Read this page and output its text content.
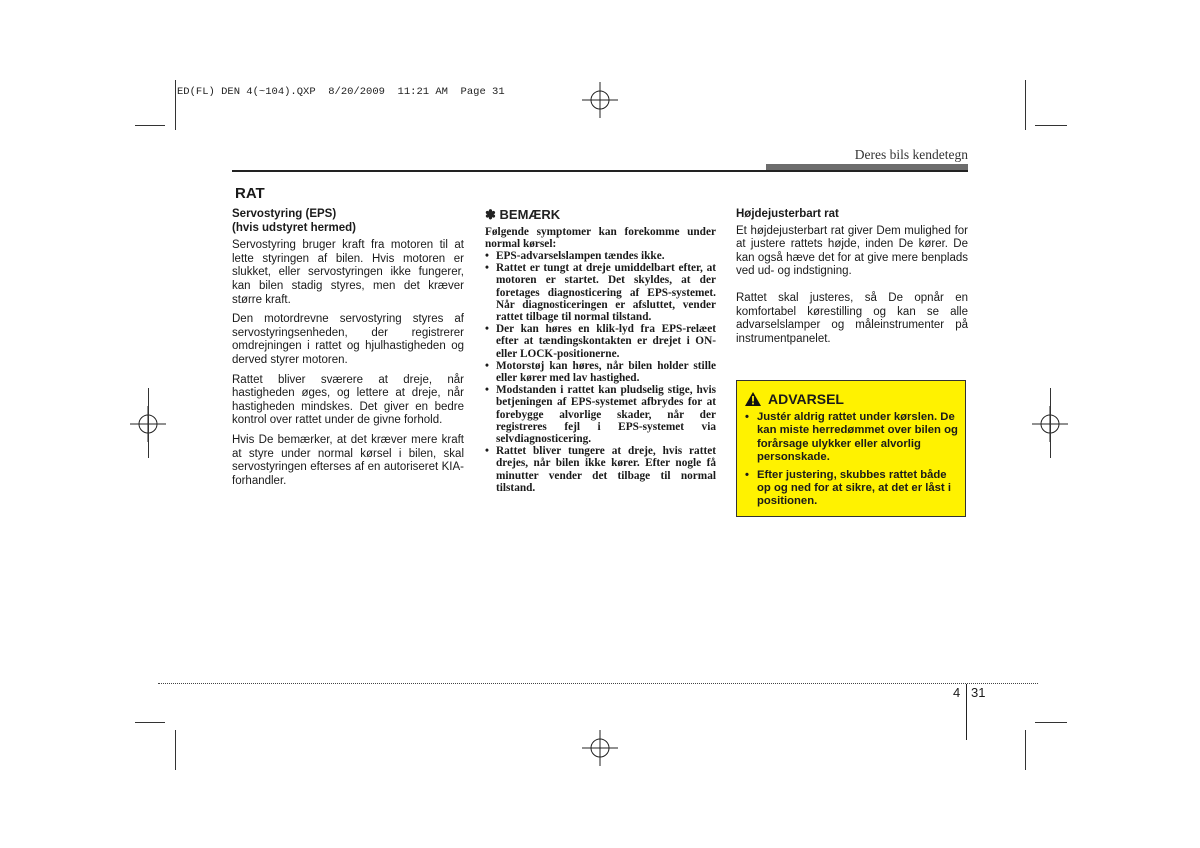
ED(FL) DEN 4(~104).QXP  8/20/2009  11:21 AM  Page 31
Deres bils kendetegn
RAT
Servostyring (EPS)
(hvis udstyret hermed)

Servostyring bruger kraft fra motoren til at lette styringen af bilen. Hvis motoren er slukket, eller servostyringen ikke fungerer, kan bilen stadig styres, men det kræver større kraft.

Den motordrevne servostyring styres af servostyringsenheden, der registrerer omdrejningen i rattet og hjulhastigheden og derved styrer motoren.

Rattet bliver sværere at dreje, når hastigheden øges, og lettere at dreje, når hastigheden mindskes. Det giver en bedre kontrol over rattet under de givne forhold.

Hvis De bemærker, at det kræver mere kraft at styre under normal kørsel i bilen, skal servostyringen efterses af en autoriseret KIA-forhandler.

✽ BEMÆRK

Følgende symptomer kan forekomme under normal kørsel:

• EPS-advarselslampen tændes ikke.
• Rattet er tungt at dreje umiddelbart efter, at motoren er startet. Det skyldes, at der foretages diagnosticering af EPS-systemet. Når diagnosticeringen er afsluttet, vender rattet tilbage til normal tilstand.
• Der kan høres en klik-lyd fra EPS-relæet efter at tændingskontakten er drejet i ON- eller LOCK-positionerne.
• Motorstøj kan høres, når bilen holder stille eller kører med lav hastighed.
• Modstanden i rattet kan pludselig stige, hvis betjeningen af EPS-systemet afbrydes for at forebygge alvorlige skader, når der registreres fejl i EPS-systemet via selvdiagnosticering.
• Rattet bliver tungere at dreje, hvis rattet drejes, når bilen ikke kører. Efter nogle få minutter vender det tilbage til normal tilstand.
Højdejusterbart rat

Et højdejusterbart rat giver Dem mulighed for at justere rattets højde, inden De kører. De kan også hæve det for at give mere benplads ved ud- og indstigning.

Rattet skal justeres, så De opnår en komfortabel kørestilling og kan se alle advarselslamper og måleinstrumenter på instrumentpanelet.

ADVARSEL
• Justér aldrig rattet under kørslen. De kan miste herredømmet over bilen og forårsage ulykker eller alvorlig personskade.
• Efter justering, skubbes rattet både op og ned for at sikre, at det er låst i positionen.
4 31
